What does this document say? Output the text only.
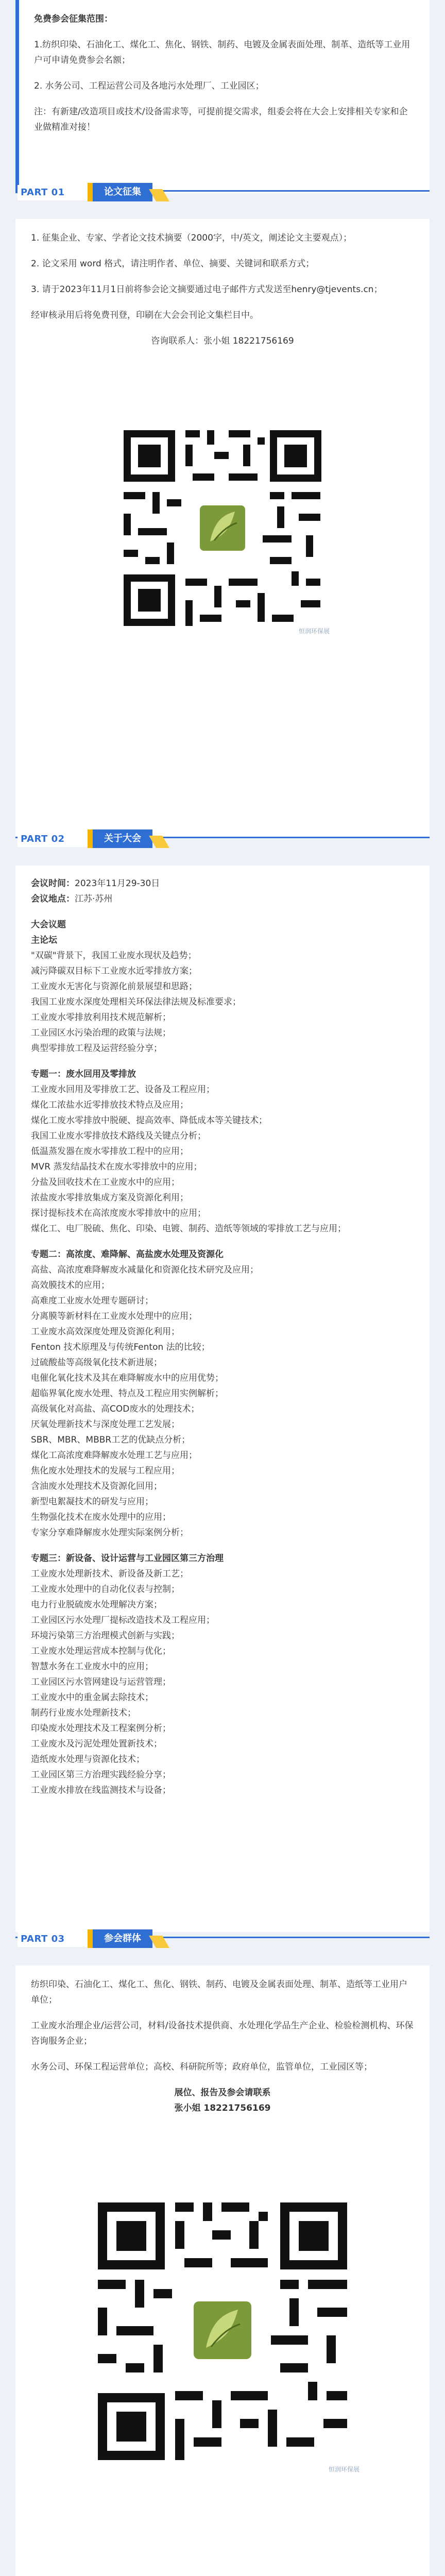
免费参会征集范围：
1.纺织印染、石油化工、煤化工、焦化、钢铁、制药、电镀及金属表面处理、制革、造纸等工业用户可申请免费参会名额；
2. 水务公司、工程运营公司及各地污水处理厂、工业园区；
注：有新建/改造项目或技术/设备需求等，可提前提交需求，组委会将在大会上安排相关专家和企业做精准对接！
PART 01	论文征集
1. 征集企业、专家、学者论文技术摘要（2000字，中/英文，阐述论文主要观点）；
2. 论文采用 word 格式，请注明作者、单位、摘要、关键词和联系方式；
3. 请于2023年11月1日前将参会论文摘要通过电子邮件方式发送至henry@tjevents.cn；
经审核录用后将免费刊登，印刷在大会会刊论文集栏目中。
咨询联系人：张小姐 18221756169
恒润环保展
PART 02	关于大会
会议时间：2023年11月29-30日
会议地点：江苏·苏州
大会议题
主论坛
"双碳"背景下，我国工业废水现状及趋势；
减污降碳双目标下工业废水近零排放方案；
工业废水无害化与资源化前景展望和思路；
我国工业废水深度处理相关环保法律法规及标准要求；
工业废水零排放利用技术规范解析；
工业园区水污染治理的政策与法规；
典型零排放工程及运营经验分享；
专题一：废水回用及零排放
工业废水回用及零排放工艺、设备及工程应用；
煤化工浓盐水近零排放技术特点及应用；
煤化工废水零排放中脱硬、提高效率、降低成本等关键技术；
我国工业废水零排放技术路线及关键点分析；
低温蒸发器在废水零排放工程中的应用；
MVR 蒸发结晶技术在废水零排放中的应用；
分盐及回收技术在工业废水中的应用；
浓盐废水零排放集成方案及资源化利用；
探讨提标技术在高浓度废水零排放中的应用；
煤化工、电厂脱硫、焦化、印染、电镀、制药、造纸等领域的零排放工艺与应用；
专题二：高浓度、难降解、高盐废水处理及资源化
高盐、高浓度难降解废水减量化和资源化技术研究及应用；
高效膜技术的应用；
高难度工业废水处理专题研讨；
分离膜等新材料在工业废水处理中的应用；
工业废水高效深度处理及资源化利用；
Fenton 技术原理及与传统Fenton 法的比较；
过硫酸盐等高级氧化技术新进展；
电催化氧化技术及其在难降解废水中的应用优势；
超临界氧化废水处理、特点及工程应用实例解析；
高级氧化对高盐、高COD废水的处理技术；
厌氧处理新技术与深度处理工艺发展；
SBR、MBR、MBBR工艺的优缺点分析；
煤化工高浓度难降解废水处理工艺与应用；
焦化废水处理技术的发展与工程应用；
含油废水处理技术及资源化回用；
新型电絮凝技术的研发与应用；
生物强化技术在废水处理中的应用；
专家分享难降解废水处理实际案例分析；
专题三：新设备、设计运营与工业园区第三方治理
工业废水处理新技术、新设备及新工艺；
工业废水处理中的自动化仪表与控制；
电力行业脱硫废水处理解决方案；
工业园区污水处理厂提标改造技术及工程应用；
环境污染第三方治理模式创新与实践；
工业废水处理运营成本控制与优化；
智慧水务在工业废水中的应用；
工业园区污水管网建设与运营管理；
工业废水中的重金属去除技术；
制药行业废水处理新技术；
印染废水处理技术及工程案例分析；
工业废水及污泥处理处置新技术；
造纸废水处理与资源化技术；
工业园区第三方治理实践经验分享；
工业废水排放在线监测技术与设备；
PART 03	参会群体
纺织印染、石油化工、煤化工、焦化、钢铁、制药、电镀及金属表面处理、制革、造纸等工业用户单位；
工业废水治理企业/运营公司，材料/设备技术提供商、水处理化学品生产企业、检验检测机构、环保咨询服务企业；
水务公司、环保工程运营单位；高校、科研院所等；政府单位，监管单位，工业园区等；
展位、报告及参会请联系
张小姐 18221756169
恒润环保展
